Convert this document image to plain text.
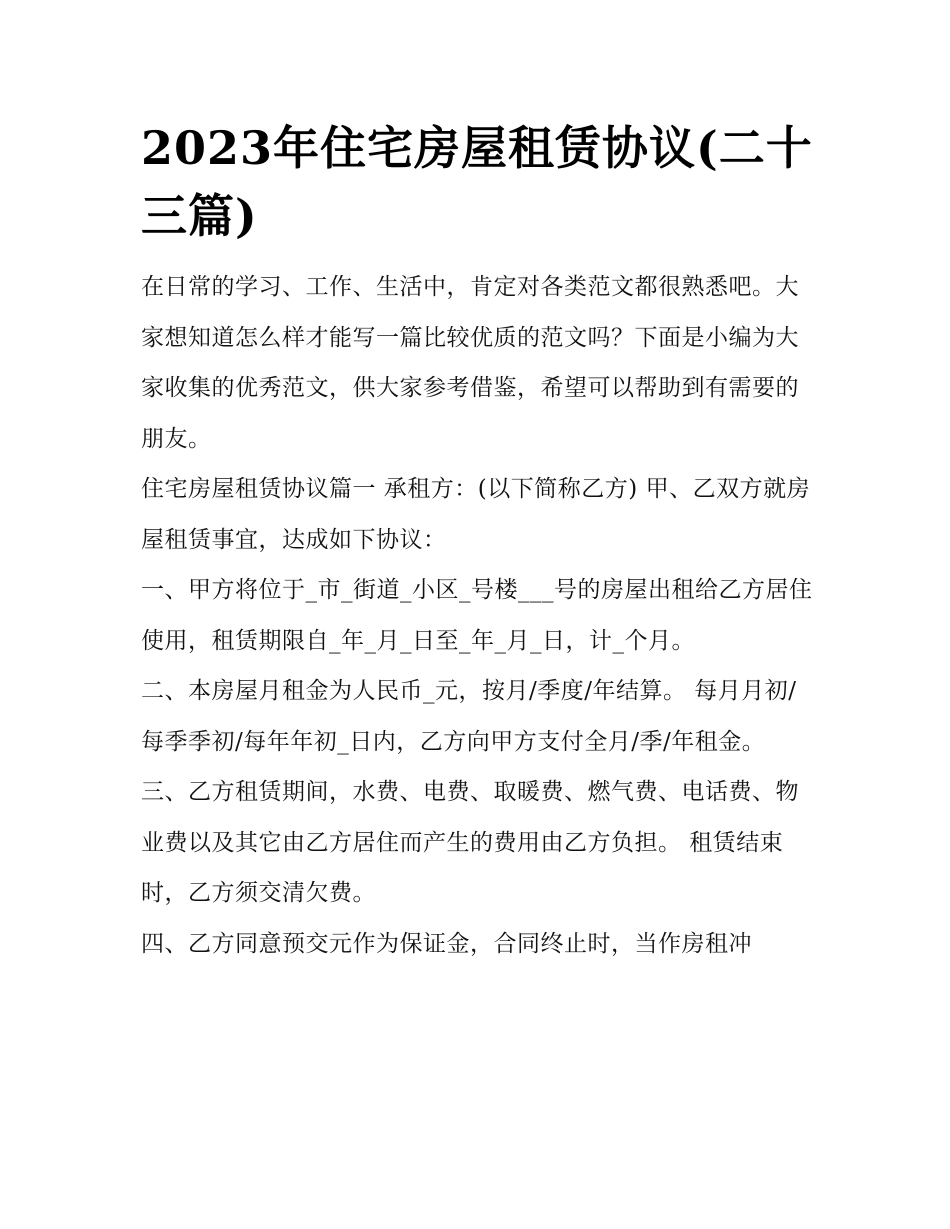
2023年住宅房屋租赁协议(二十三篇)

在日常的学习、工作、生活中，肯定对各类范文都很熟悉吧。大家想知道怎么样才能写一篇比较优质的范文吗？下面是小编为大家收集的优秀范文，供大家参考借鉴，希望可以帮助到有需要的朋友。

住宅房屋租赁协议篇一 承租方：(以下简称乙方) 甲、乙双方就房屋租赁事宜，达成如下协议：

一、甲方将位于_市_街道_小区_号楼___号的房屋出租给乙方居住使用，租赁期限自_年_月_日至_年_月_日，计_个月。

二、本房屋月租金为人民币_元，按月/季度/年结算。 每月月初/每季季初/每年年初_日内，乙方向甲方支付全月/季/年租金。

三、乙方租赁期间，水费、电费、取暖费、燃气费、电话费、物业费以及其它由乙方居住而产生的费用由乙方负担。 租赁结束时，乙方须交清欠费。

四、乙方同意预交元作为保证金，合同终止时，当作房租冲
